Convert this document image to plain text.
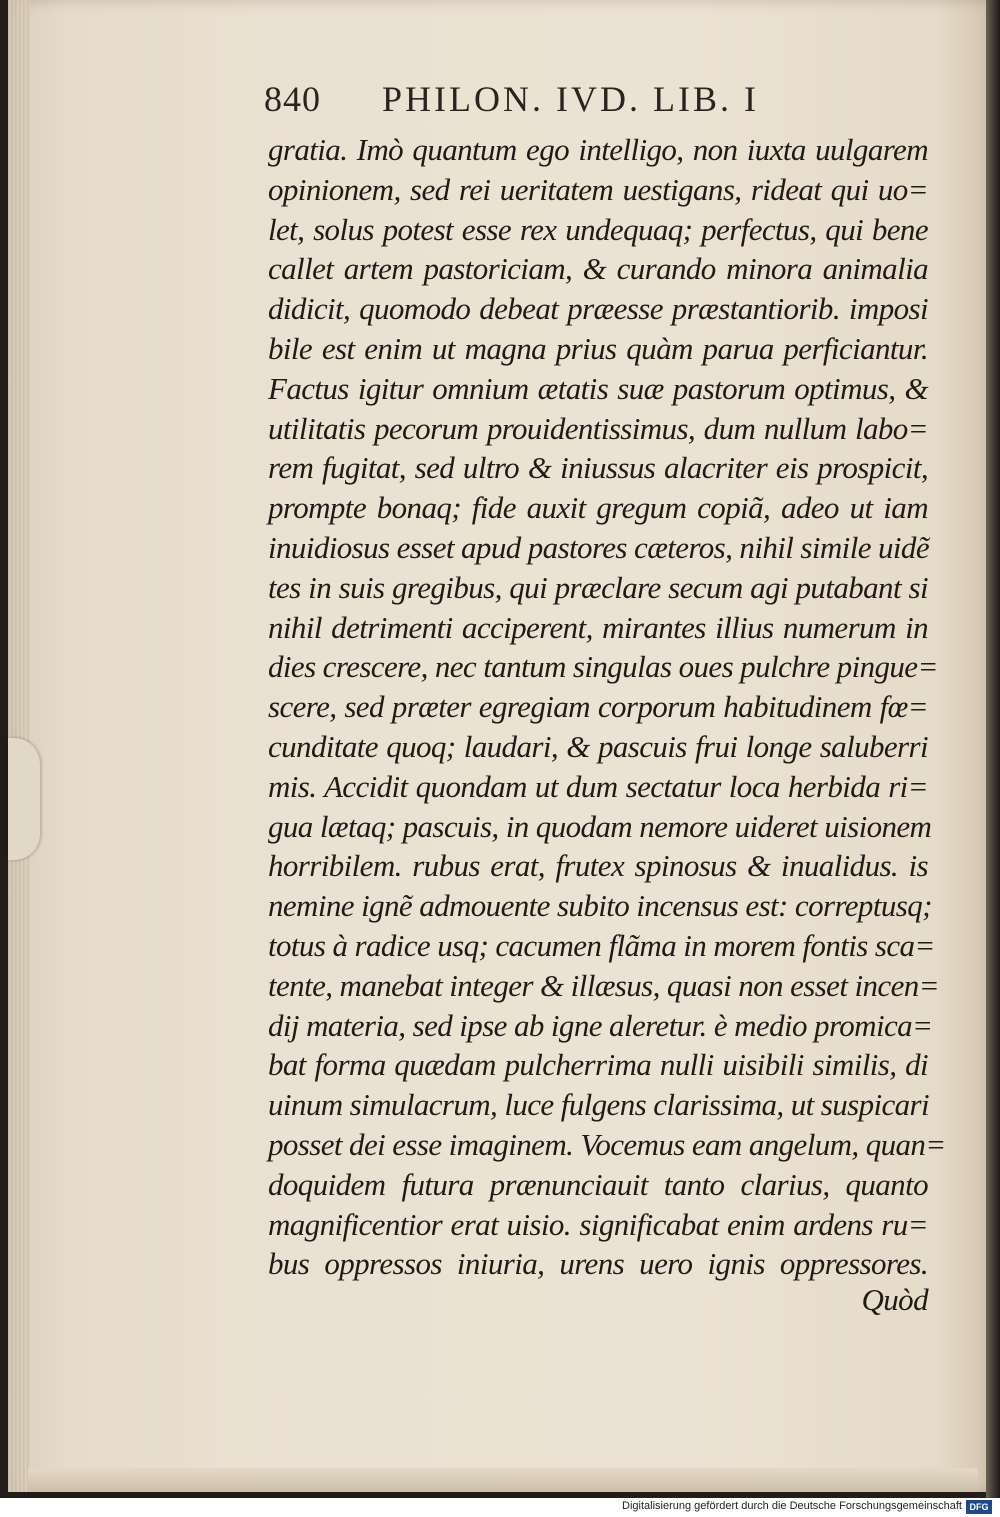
840 PHILON. IVD. LIB. I
gratia. Imò quantum ego intelligo, non iuxta uulgarem
opinionem, sed rei ueritatem uestigans, rideat qui uo=
let, solus potest esse rex undequaq; perfectus, qui bene
callet artem pastoriciam, & curando minora animalia
didicit, quomodo debeat præesse præstantiorib. imposi
bile est enim ut magna prius quàm parua perficiantur.
Factus igitur omnium ætatis suæ pastorum optimus, &
utilitatis pecorum prouidentissimus, dum nullum labo=
rem fugitat, sed ultro & iniussus alacriter eis prospicit,
prompte bonaq; fide auxit gregum copiã, adeo ut iam
inuidiosus esset apud pastores cæteros, nihil simile uidẽ
tes in suis gregibus, qui præclare secum agi putabant si
nihil detrimenti acciperent, mirantes illius numerum in
dies crescere, nec tantum singulas oues pulchre pingue=
scere, sed præter egregiam corporum habitudinem fœ=
cunditate quoq; laudari, & pascuis frui longe saluberri
mis. Accidit quondam ut dum sectatur loca herbida ri=
gua lætaq; pascuis, in quodam nemore uideret uisionem
horribilem. rubus erat, frutex spinosus & inualidus. is
nemine ignẽ admouente subito incensus est: correptusq;
totus à radice usq; cacumen flãma in morem fontis sca=
tente, manebat integer & illæsus, quasi non esset incen=
dij materia, sed ipse ab igne aleretur. è medio promica=
bat forma quædam pulcherrima nulli uisibili similis, di
uinum simulacrum, luce fulgens clarissima, ut suspicari
posset dei esse imaginem. Vocemus eam angelum, quan=
doquidem futura prænunciauit tanto clarius, quanto
magnificentior erat uisio. significabat enim ardens ru=
bus oppressos iniuria, urens uero ignis oppressores.
Quòd
Digitalisierung gefördert durch die Deutsche Forschungsgemeinschaft DFG
